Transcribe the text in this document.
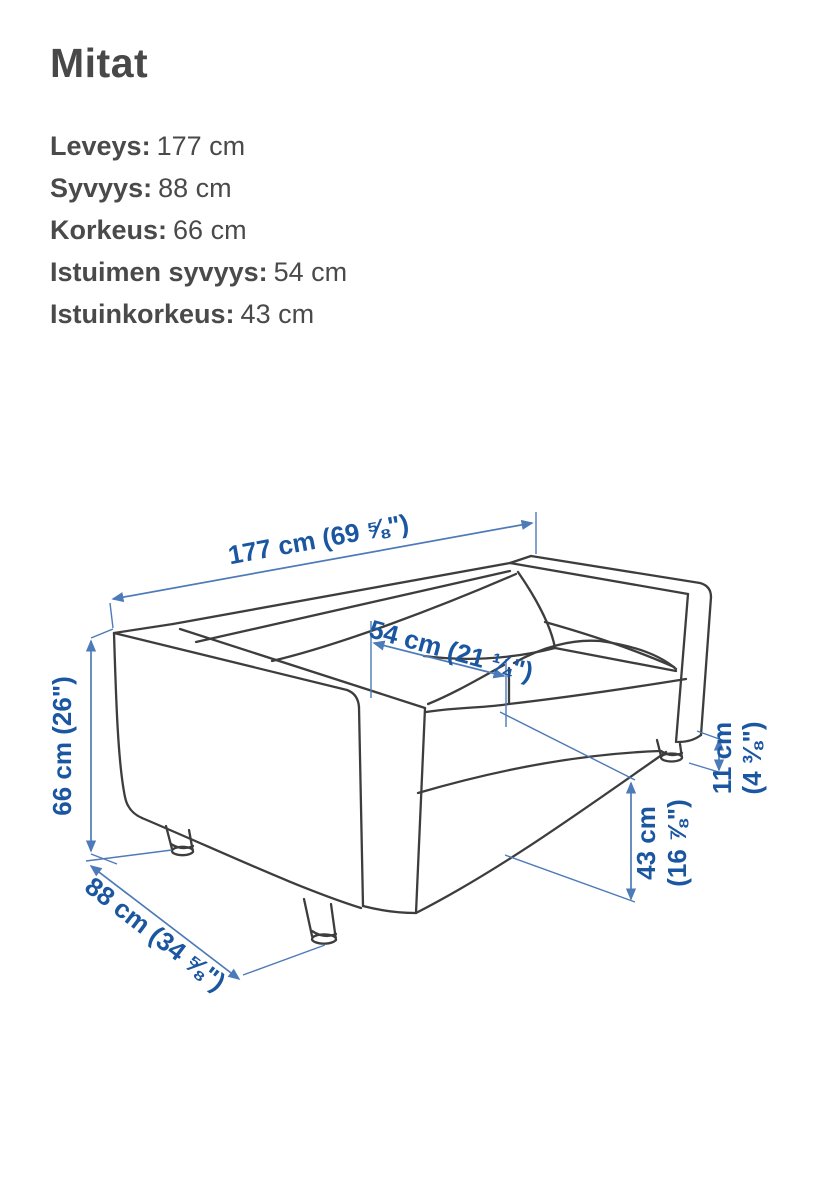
Mitat
Leveys: 177 cm
Syvyys: 88 cm
Korkeus: 66 cm
Istuimen syvyys: 54 cm
Istuinkorkeus: 43 cm
177 cm (69 ⅝")
54 cm (21 ¼")
66 cm (26")
88 cm (34 ⅝")
43 cm (16 ⅞")
11 cm (4 ⅜")
